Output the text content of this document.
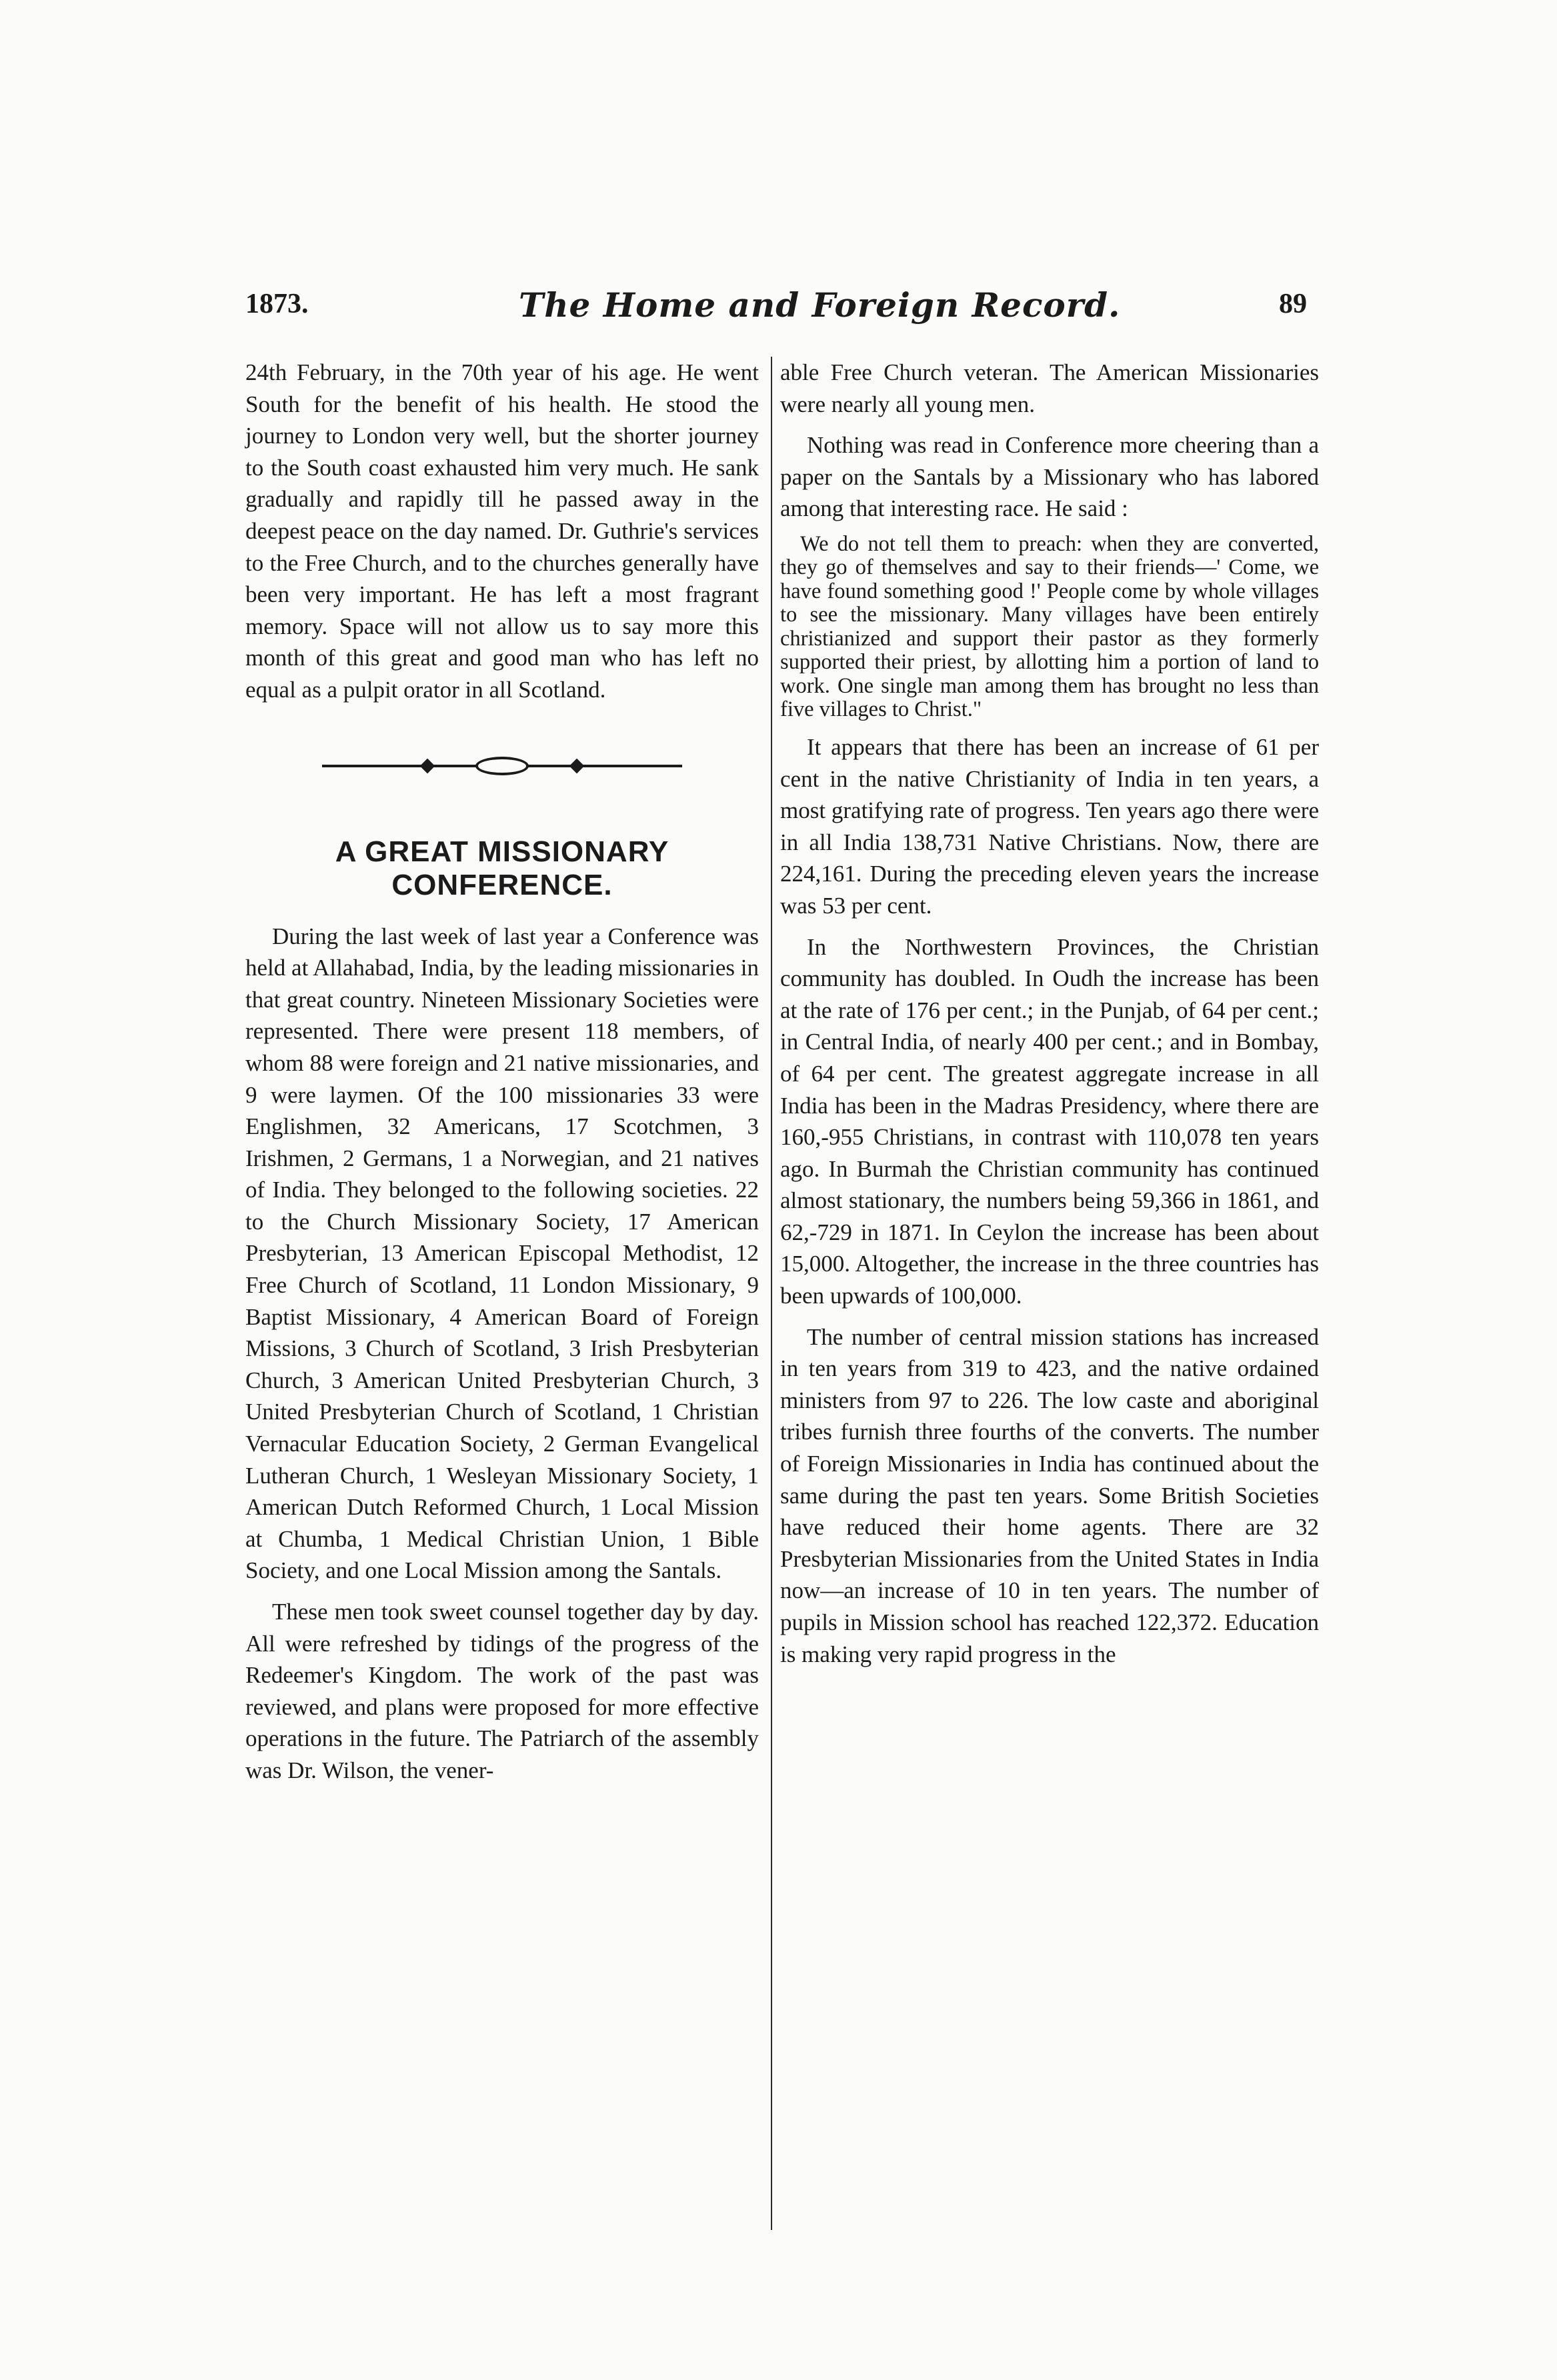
1873.	The Home and Foreign Record.	89

24th February, in the 70th year of his age. He went South for the benefit of his health. He stood the journey to London very well, but the shorter journey to the South coast exhausted him very much. He sank gradually and rapidly till he passed away in the deepest peace on the day named. Dr. Guthrie's services to the Free Church, and to the churches generally have been very important. He has left a most fragrant memory. Space will not allow us to say more this month of this great and good man who has left no equal as a pulpit orator in all Scotland.

A GREAT MISSIONARY CONFERENCE.

During the last week of last year a Conference was held at Allahabad, India, by the leading missionaries in that great country. Nineteen Missionary Societies were represented. There were present 118 members, of whom 88 were foreign and 21 native missionaries, and 9 were laymen. Of the 100 missionaries 33 were Englishmen, 32 Americans, 17 Scotchmen, 3 Irishmen, 2 Germans, 1 a Norwegian, and 21 natives of India. They belonged to the following societies. 22 to the Church Missionary Society, 17 American Presbyterian, 13 American Episcopal Methodist, 12 Free Church of Scotland, 11 London Missionary, 9 Baptist Missionary, 4 American Board of Foreign Missions, 3 Church of Scotland, 3 Irish Presbyterian Church, 3 American United Presbyterian Church, 3 United Presbyterian Church of Scotland, 1 Christian Vernacular Education Society, 2 German Evangelical Lutheran Church, 1 Wesleyan Missionary Society, 1 American Dutch Reformed Church, 1 Local Mission at Chumba, 1 Medical Christian Union, 1 Bible Society, and one Local Mission among the Santals.

These men took sweet counsel together day by day. All were refreshed by tidings of the progress of the Redeemer's Kingdom. The work of the past was reviewed, and plans were proposed for more effective operations in the future. The Patriarch of the assembly was Dr. Wilson, the vener-

able Free Church veteran. The American Missionaries were nearly all young men.

Nothing was read in Conference more cheering than a paper on the Santals by a Missionary who has labored among that interesting race. He said :

We do not tell them to preach: when they are converted, they go of themselves and say to their friends—' Come, we have found something good !' People come by whole villages to see the missionary. Many villages have been entirely christianized and support their pastor as they formerly supported their priest, by allotting him a portion of land to work. One single man among them has brought no less than five villages to Christ."

It appears that there has been an increase of 61 per cent in the native Christianity of India in ten years, a most gratifying rate of progress. Ten years ago there were in all India 138,731 Native Christians. Now, there are 224,161. During the preceding eleven years the increase was 53 per cent.

In the Northwestern Provinces, the Christian community has doubled. In Oudh the increase has been at the rate of 176 per cent.; in the Punjab, of 64 per cent.; in Central India, of nearly 400 per cent.; and in Bombay, of 64 per cent. The greatest aggregate increase in all India has been in the Madras Presidency, where there are 160,-955 Christians, in contrast with 110,078 ten years ago. In Burmah the Christian community has continued almost stationary, the numbers being 59,366 in 1861, and 62,-729 in 1871. In Ceylon the increase has been about 15,000. Altogether, the increase in the three countries has been upwards of 100,000.

The number of central mission stations has increased in ten years from 319 to 423, and the native ordained ministers from 97 to 226. The low caste and aboriginal tribes furnish three fourths of the converts. The number of Foreign Missionaries in India has continued about the same during the past ten years. Some British Societies have reduced their home agents. There are 32 Presbyterian Missionaries from the United States in India now—an increase of 10 in ten years. The number of pupils in Mission school has reached 122,372. Education is making very rapid progress in the
